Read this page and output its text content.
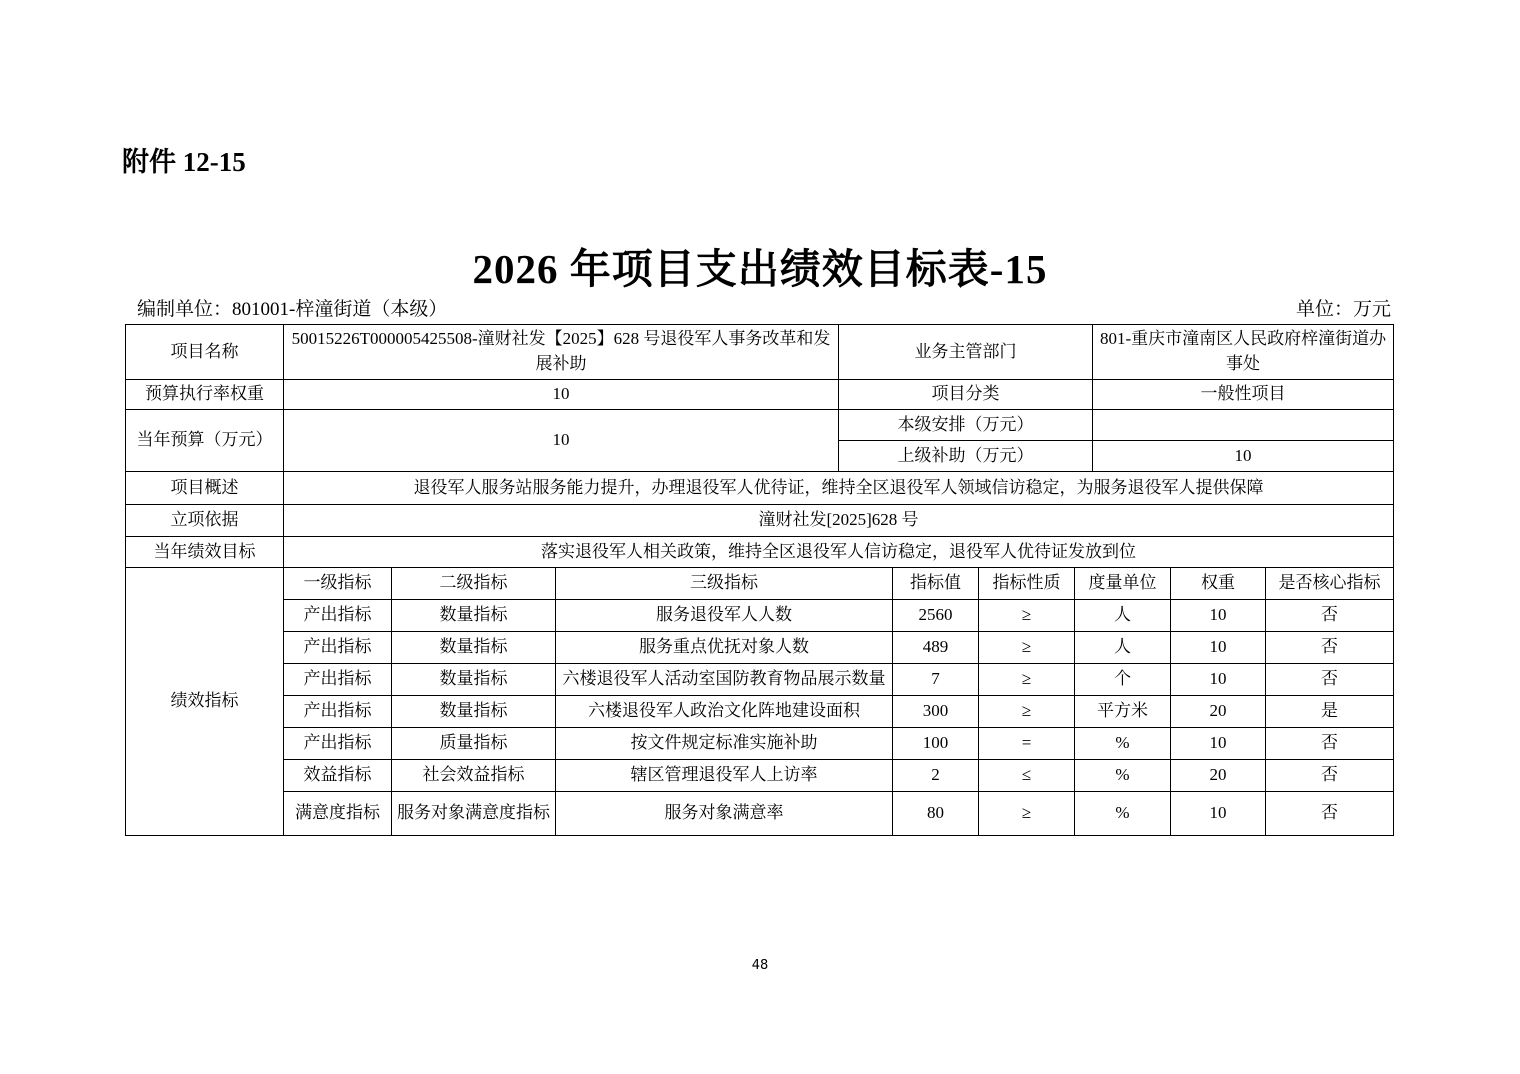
附件 12-15
2026 年项目支出绩效目标表-15
编制单位：801001-梓潼街道（本级）	单位：万元
项目名称	50015226T000005425508-潼财社发【2025】628 号退役军人事务改革和发展补助			业务主管部门				801-重庆市潼南区人民政府梓潼街道办事处		
预算执行率权重	10			项目分类				一般性项目		
当年预算（万元）	10			本级安排（万元）						
				上级补助（万元）				10		
项目概述	退役军人服务站服务能力提升，办理退役军人优待证，维持全区退役军人领域信访稳定，为服务退役军人提供保障									
立项依据	潼财社发[2025]628 号									
当年绩效目标	落实退役军人相关政策，维持全区退役军人信访稳定，退役军人优待证发放到位									
绩效指标	一级指标	二级指标	三级指标		指标值	指标性质	度量单位		权重	是否核心指标
	产出指标	数量指标	服务退役军人人数		2560	≥	人		10	否
	产出指标	数量指标	服务重点优抚对象人数		489	≥	人		10	否
	产出指标	数量指标	六楼退役军人活动室国防教育物品展示数量		7	≥	个		10	否
	产出指标	数量指标	六楼退役军人政治文化阵地建设面积		300	≥	平方米		20	是
	产出指标	质量指标	按文件规定标准实施补助		100	=	%		10	否
	效益指标	社会效益指标	辖区管理退役军人上访率		2	≤	%		20	否
	满意度指标	服务对象满意度指标	服务对象满意率		80	≥	%		10	否
48
